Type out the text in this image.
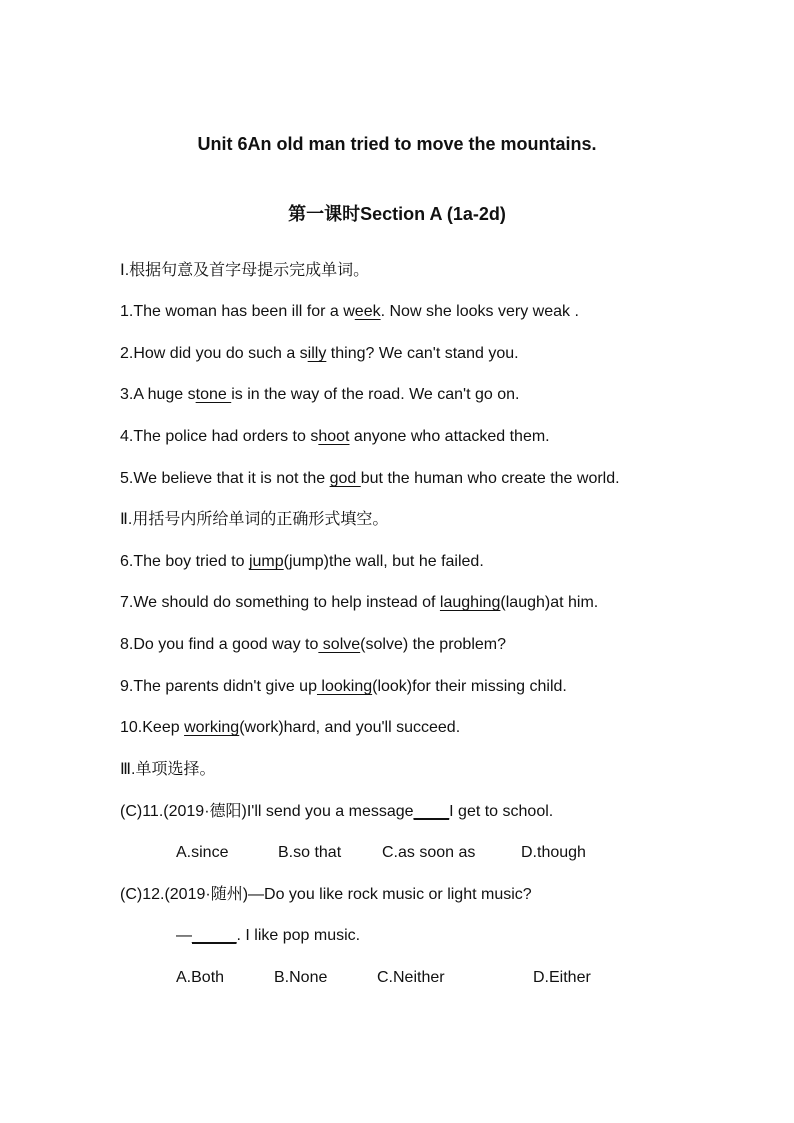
Unit 6An old man tried to move the mountains.
第一课时Section A (1a-2d)
Ⅰ.根据句意及首字母提示完成单词。
1.The woman has been ill for a week. Now she looks very weak .
2.How did you do such a silly thing? We can't stand you.
3.A huge stone is in the way of the road. We can't go on.
4.The police had orders to shoot anyone who attacked them.
5.We believe that it is not the god but the human who create the world.
Ⅱ.用括号内所给单词的正确形式填空。
6.The boy tried to jump(jump)the wall, but he failed.
7.We should do something to help instead of laughing(laugh)at him.
8.Do you find a good way to solve(solve) the problem?
9.The parents didn't give up looking(look)for their missing child.
10.Keep working(work)hard, and you'll succeed.
Ⅲ.单项选择。
(C)11.(2019·德阳)I'll send you a message____I get to school.
A.since	B.so that	C.as soon as	D.though
(C)12.(2019·随州)—Do you like rock music or light music?
—_____. I like pop music.
A.Both	B.None	C.Neither	D.Either
